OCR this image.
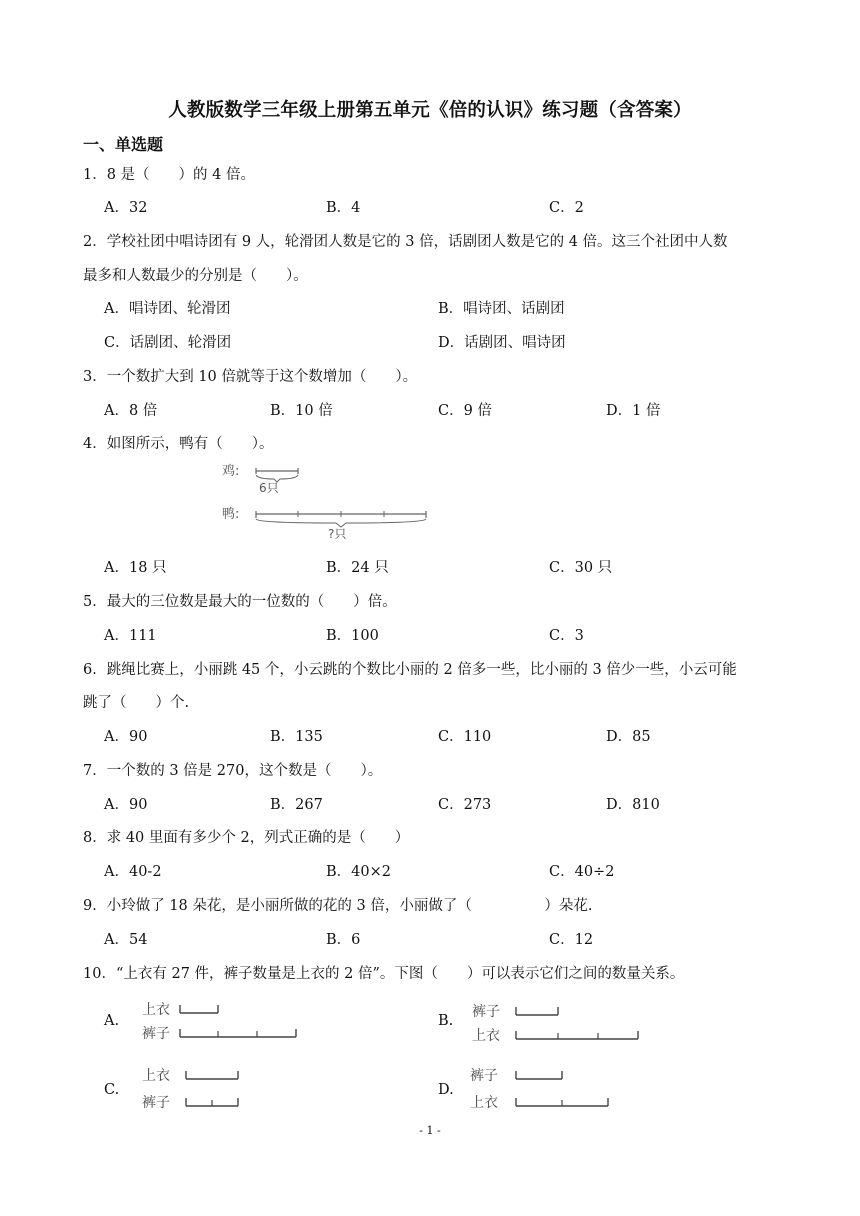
人教版数学三年级上册第五单元《倍的认识》练习题（含答案）
一、单选题
1．8 是（　　）的 4 倍。
A．32	B．4	C．2
2．学校社团中唱诗团有 9 人，轮滑团人数是它的 3 倍，话剧团人数是它的 4 倍。这三个社团中人数
最多和人数最少的分别是（　　）。
A．唱诗团、轮滑团	B．唱诗团、话剧团
C．话剧团、轮滑团	D．话剧团、唱诗团
3．一个数扩大到 10 倍就等于这个数增加（　　）。
A．8 倍	B．10 倍	C．9 倍	D．1 倍
4．如图所示，鸭有（　　）。
鸡:
6只
鸭:
?只
A．18 只	B．24 只	C．30 只
5．最大的三位数是最大的一位数的（　　）倍。
A．111	B．100	C．3
6．跳绳比赛上，小丽跳 45 个，小云跳的个数比小丽的 2 倍多一些，比小丽的 3 倍少一些，小云可能
跳了（　　）个.
A．90	B．135	C．110	D．85
7．一个数的 3 倍是 270，这个数是（　　）。
A．90	B．267	C．273	D．810
8．求 40 里面有多少个 2，列式正确的是（　　）
A．40-2	B．40×2	C．40÷2
9．小玲做了 18 朵花，是小丽所做的花的 3 倍，小丽做了（　　　　　）朵花.
A．54	B．6	C．12
10．“上衣有 27 件，裤子数量是上衣的 2 倍”。下图（　　）可以表示它们之间的数量关系。
A.
上衣
裤子
B.
裤子
上衣
C.
上衣
裤子
D.
裤子
上衣
- 1 -
